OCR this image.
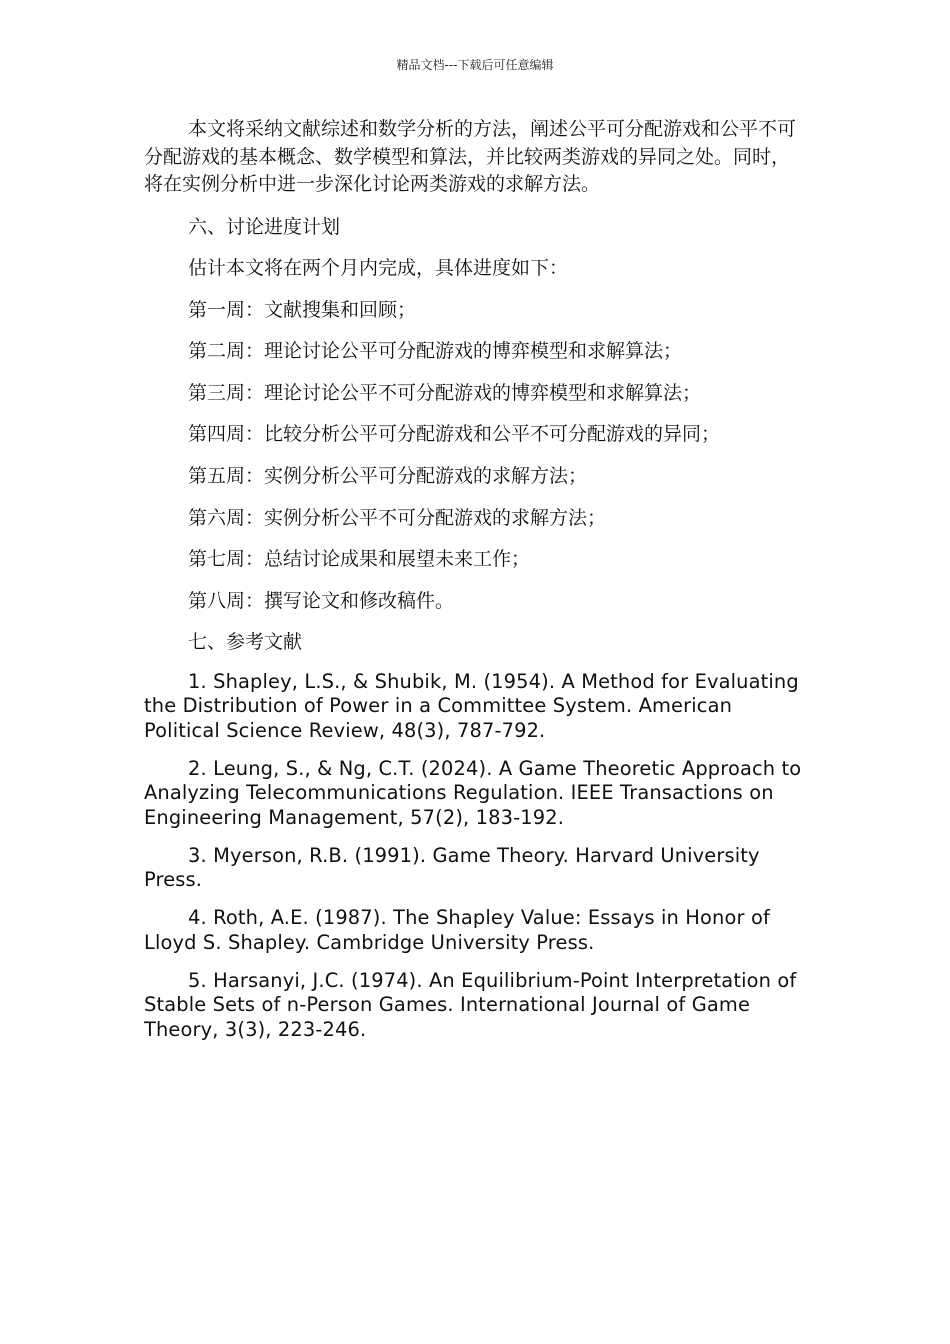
精品文档---下载后可任意编辑

本文将采纳文献综述和数学分析的方法，阐述公平可分配游戏和公平不可分配游戏的基本概念、数学模型和算法，并比较两类游戏的异同之处。同时，将在实例分析中进一步深化讨论两类游戏的求解方法。

六、讨论进度计划
估计本文将在两个月内完成，具体进度如下：
第一周：文献搜集和回顾；
第二周：理论讨论公平可分配游戏的博弈模型和求解算法；
第三周：理论讨论公平不可分配游戏的博弈模型和求解算法；
第四周：比较分析公平可分配游戏和公平不可分配游戏的异同；
第五周：实例分析公平可分配游戏的求解方法；
第六周：实例分析公平不可分配游戏的求解方法；
第七周：总结讨论成果和展望未来工作；
第八周：撰写论文和修改稿件。
七、参考文献

1. Shapley, L.S., & Shubik, M. (1954). A Method for Evaluating the Distribution of Power in a Committee System. American Political Science Review, 48(3), 787-792.

2. Leung, S., & Ng, C.T. (2024). A Game Theoretic Approach to Analyzing Telecommunications Regulation. IEEE Transactions on Engineering Management, 57(2), 183-192.

3. Myerson, R.B. (1991). Game Theory. Harvard University Press.

4. Roth, A.E. (1987). The Shapley Value: Essays in Honor of Lloyd S. Shapley. Cambridge University Press.

5. Harsanyi, J.C. (1974). An Equilibrium-Point Interpretation of Stable Sets of n-Person Games. International Journal of Game Theory, 3(3), 223-246.
